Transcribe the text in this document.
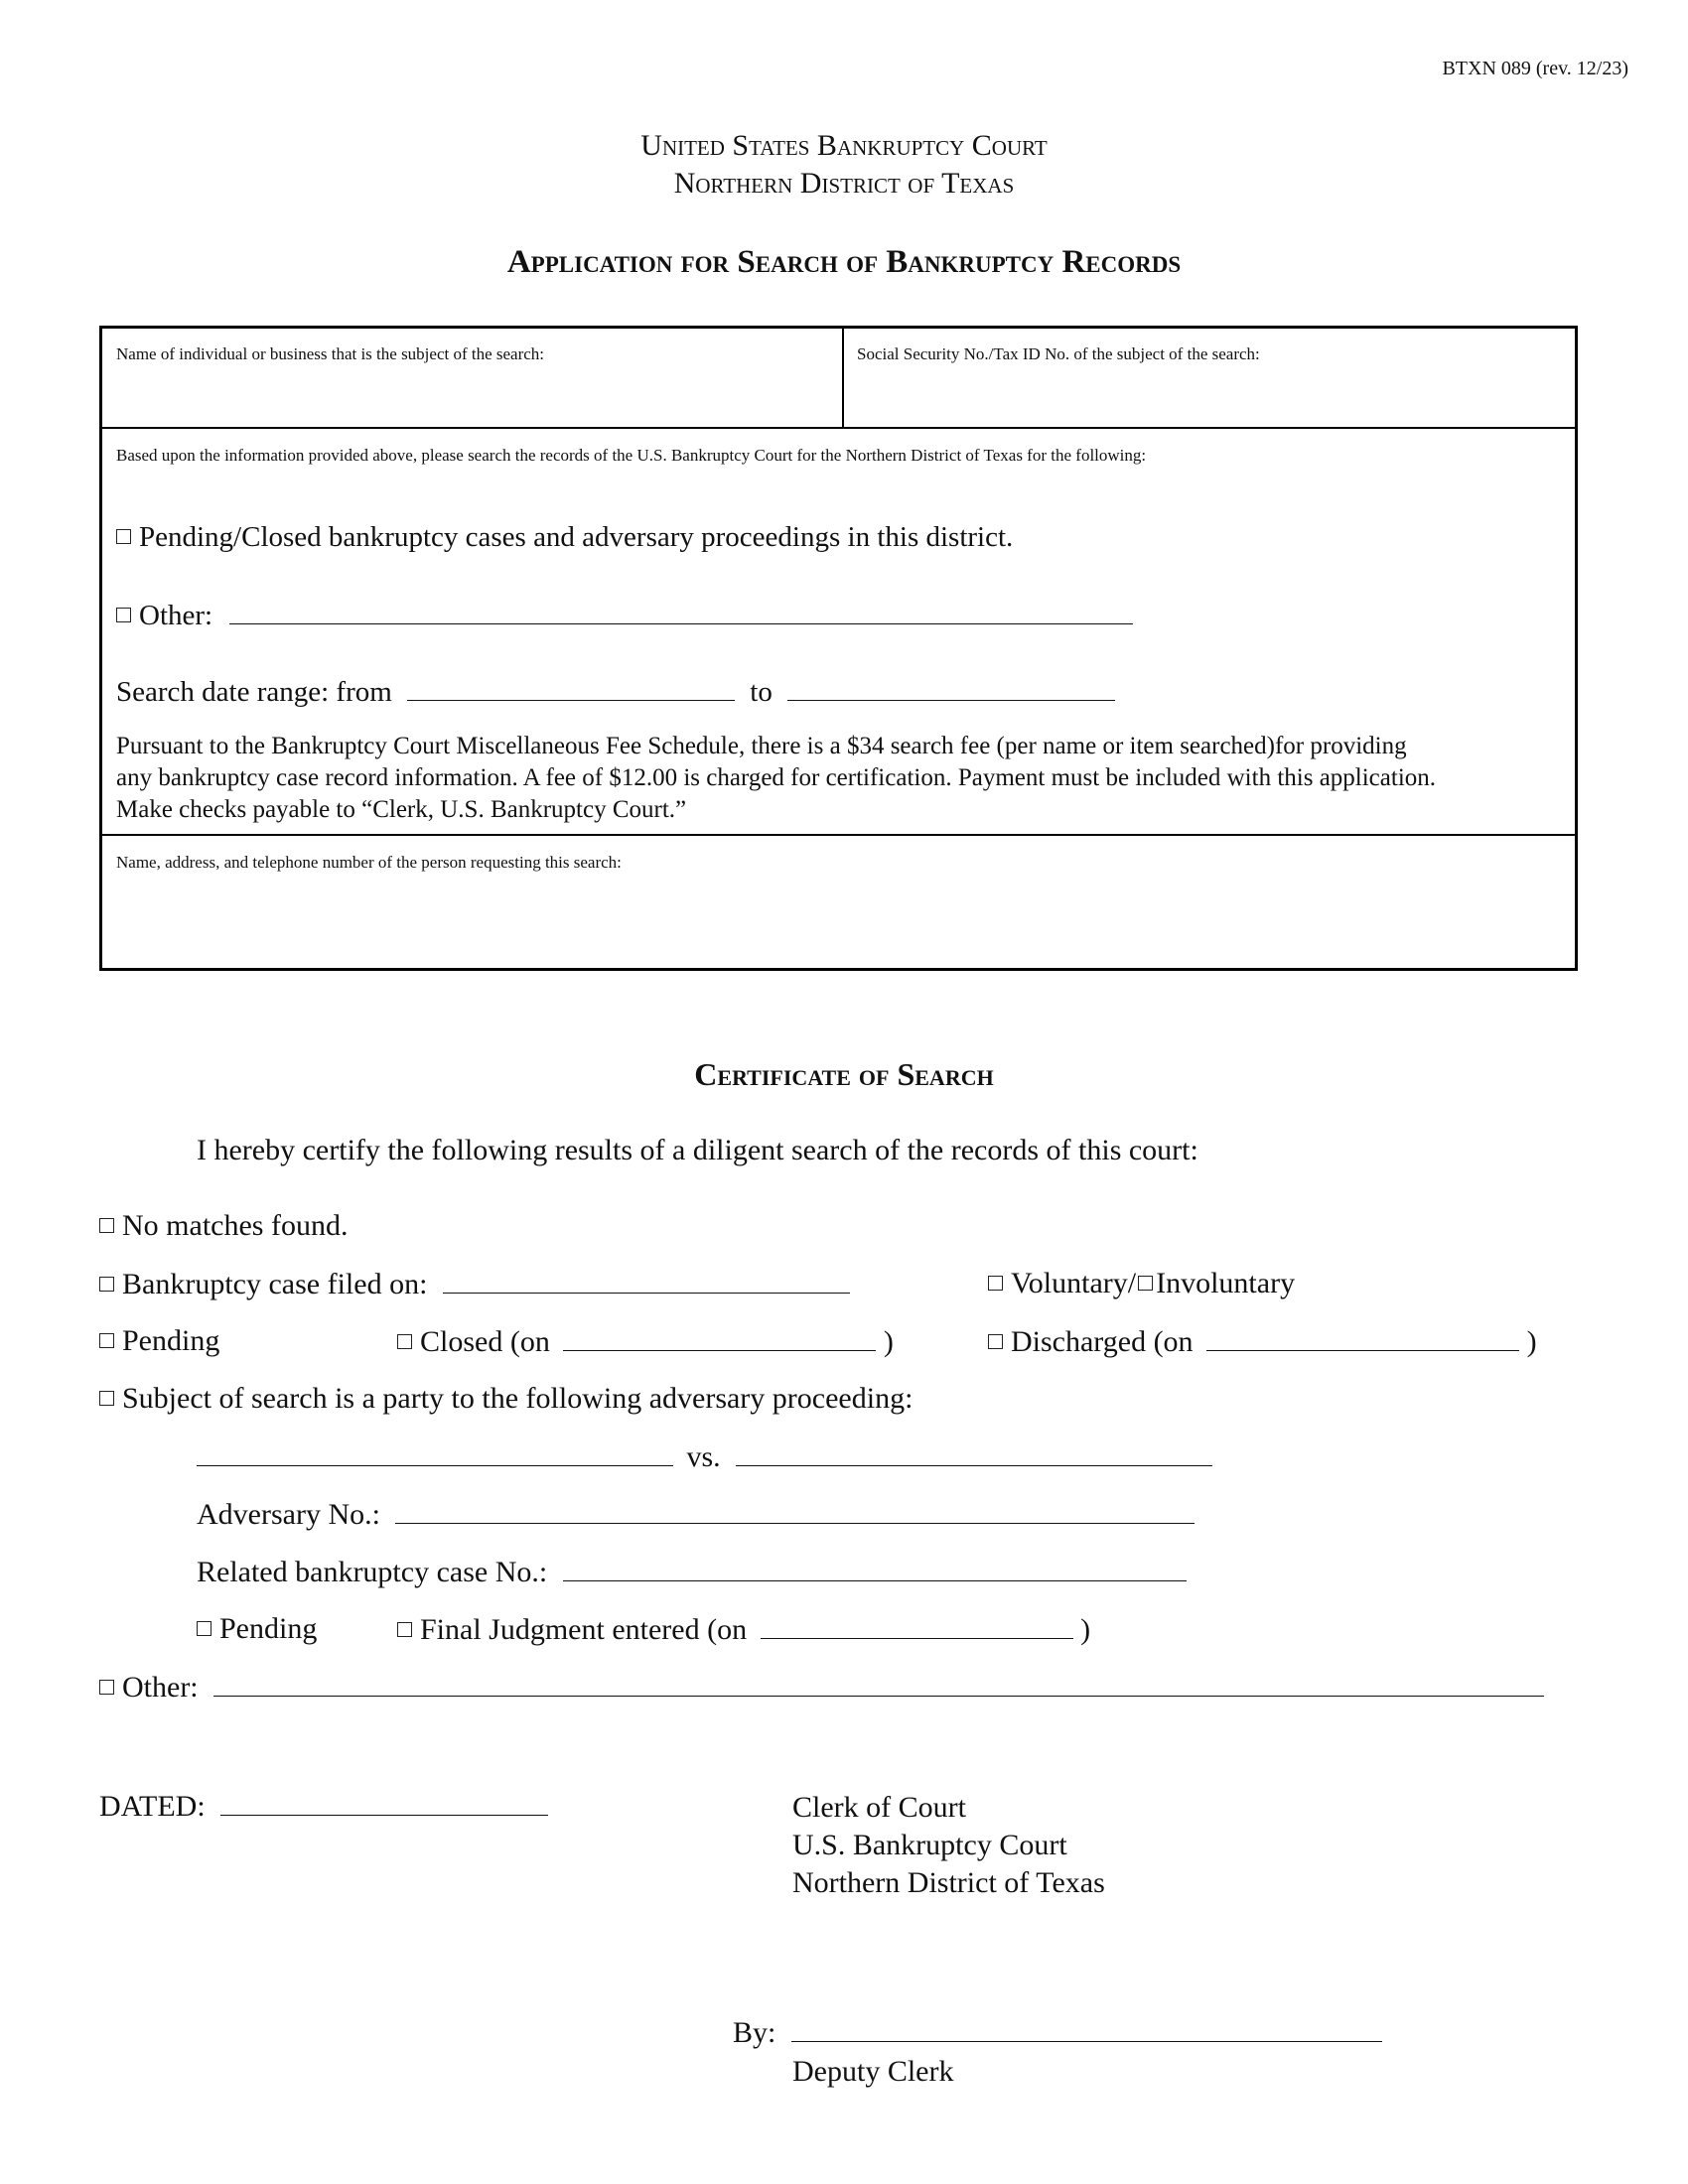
BTXN 089 (rev. 12/23)
United States Bankruptcy Court
Northern District of Texas
Application for Search of Bankruptcy Records
Name of individual or business that is the subject of the search:	Social Security No./Tax ID No. of the subject of the search:
Based upon the information provided above, please search the records of the U.S. Bankruptcy Court for the Northern District of Texas for the following:
Pending/Closed bankruptcy cases and adversary proceedings in this district.
Other:
Search date range: from	to
Pursuant to the Bankruptcy Court Miscellaneous Fee Schedule, there is a $34 search fee (per name or item searched)for providing
any bankruptcy case record information. A fee of $12.00 is charged for certification. Payment must be included with this application.
Make checks payable to “Clerk, U.S. Bankruptcy Court.”
Name, address, and telephone number of the person requesting this search:
Certificate of Search
I hereby certify the following results of a diligent search of the records of this court:
No matches found.
Bankruptcy case filed on:	Voluntary/ Involuntary
Pending	Closed (on	)	Discharged (on	)
Subject of search is a party to the following adversary proceeding:
vs.
Adversary No.:
Related bankruptcy case No.:
Pending	Final Judgment entered (on	)
Other:
DATED:	Clerk of Court
U.S. Bankruptcy Court
Northern District of Texas
By:
Deputy Clerk
